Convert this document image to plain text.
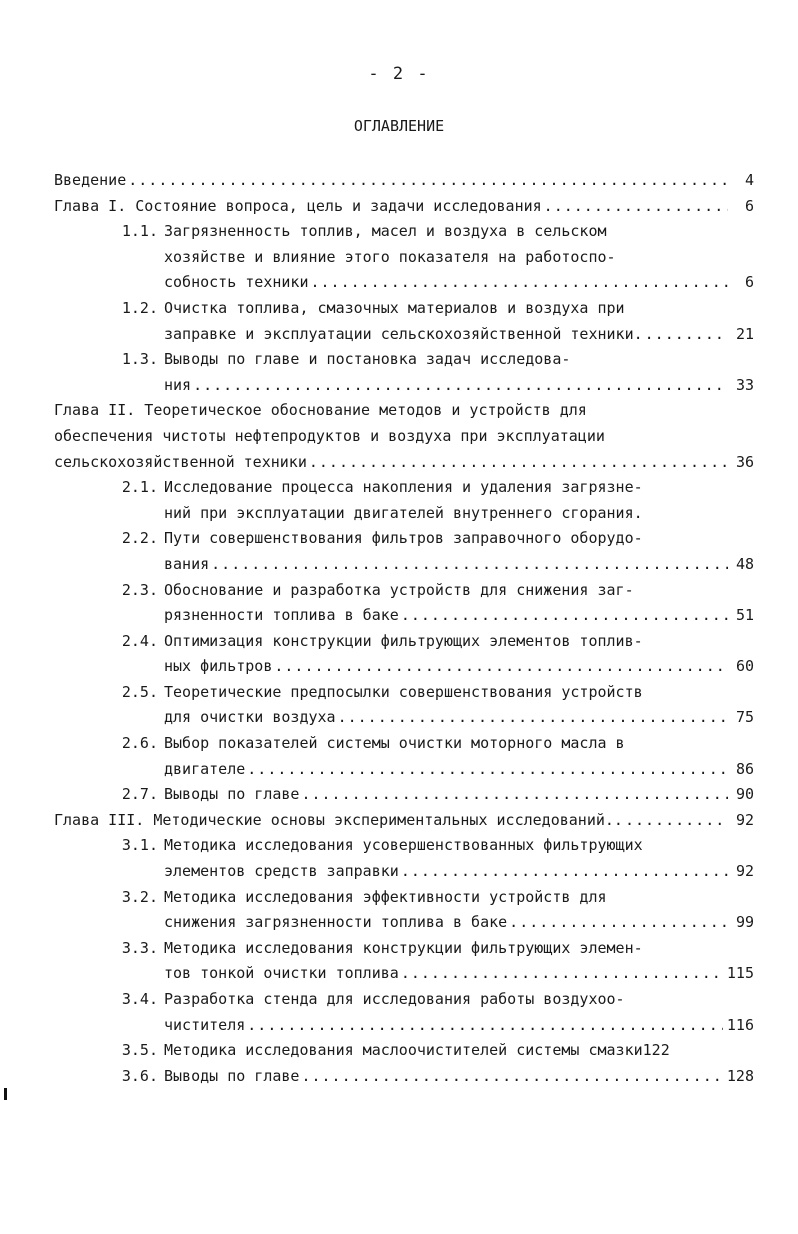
- 2 -
ОГЛАВЛЕНИЕ
Введение .....	4
Глава I. Состояние вопроса, цель и задачи исследования .....	6
1.1. Загрязненность топлив, масел и воздуха в сельском
хозяйстве и влияние этого показателя на работоспо-
собность техники .....	6
1.2. Очистка топлива, смазочных материалов и воздуха при
заправке и эксплуатации сельскохозяйственной техники. .....	21
1.3. Выводы по главе и постановка задач исследова-
ния .....	33
Глава II. Теоретическое обоснование методов и устройств для
обеспечения чистоты нефтепродуктов и воздуха при эксплуатации
сельскохозяйственной техники .....	36
2.1. Исследование процесса накопления и удаления загрязне-
ний при эксплуатации двигателей внутреннего сгорания.
2.2. Пути совершенствования фильтров заправочного оборудо-
вания .....	48
2.3. Обоснование и разработка устройств для снижения заг-
рязненности топлива в баке .....	51
2.4. Оптимизация конструкции фильтрующих элементов топлив-
ных фильтров .....	60
2.5. Теоретические предпосылки совершенствования устройств
для очистки воздуха .....	75
2.6. Выбор показателей системы очистки моторного масла в
двигателе .....	86
2.7. Выводы по главе .....	90
Глава III. Методические основы экспериментальных исследований.. .....	92
3.1. Методика исследования усовершенствованных фильтрующих
элементов средств заправки .....	92
3.2. Методика исследования эффективности устройств для
снижения загрязненности топлива в баке .....	99
3.3. Методика исследования конструкции фильтрующих элемен-
тов тонкой очистки топлива .....	115
3.4. Разработка стенда для исследования работы воздухоо-
чистителя .....	116
3.5. Методика исследования маслоочистителей системы смазки 122
3.6. Выводы по главе .....	128
